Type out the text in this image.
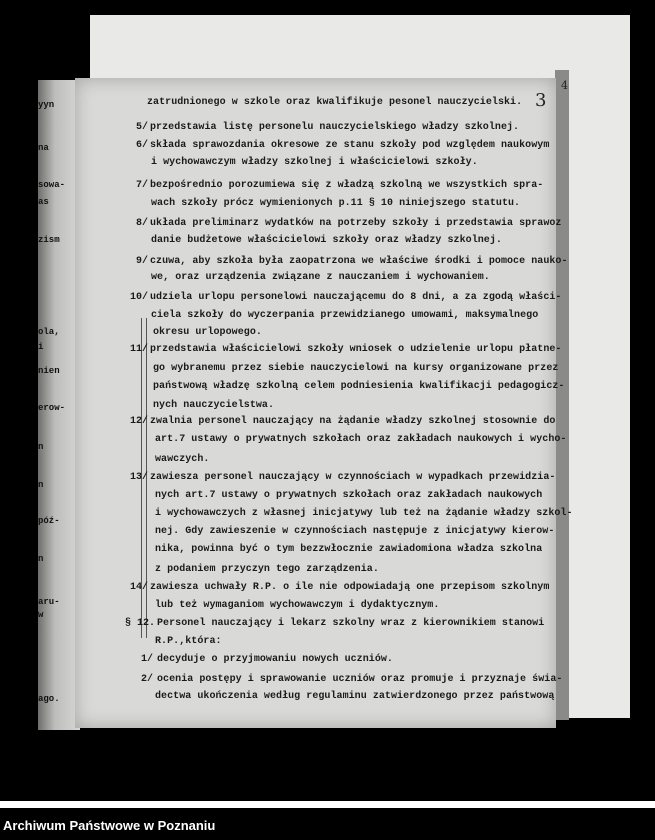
yyn
na
sowa-
as
zism
ola,
i
nien
erow-
n
n
póź-
n
aru-
w
ago.
3
4
zatrudnionego w szkole oraz kwalifikuje pesonel nauczycielski.
5/ przedstawia listę personelu nauczycielskiego władzy szkolnej.
6/ składa sprawozdania okresowe ze stanu szkoły pod względem naukowym
i wychowawczym władzy szkolnej i właścicielowi szkoły.
7/ bezpośrednio porozumiewa się z władzą szkolną we wszystkich spra-
wach szkoły prócz wymienionych p.11 § 10 niniejszego statutu.
8/ układa preliminarz wydatków na potrzeby szkoły i przedstawia sprawoz
danie budżetowe właścicielowi szkoły oraz władzy szkolnej.
9/ czuwa, aby szkoła była zaopatrzona we właściwe środki i pomoce nauko-
we, oraz urządzenia związane z nauczaniem i wychowaniem.
10/ udziela urlopu personelowi nauczającemu do 8 dni, a za zgodą właści-
ciela szkoły do wyczerpania przewidzianego umowami, maksymalnego
okresu urlopowego.
11/ przedstawia właścicielowi szkoły wniosek o udzielenie urlopu płatne-
go wybranemu przez siebie nauczycielowi na kursy organizowane przez
państwową władzę szkolną celem podniesienia kwalifikacji pedagogicz-
nych nauczycielstwa.
12/ zwalnia personel nauczający na żądanie władzy szkolnej stosownie do
art.7 ustawy o prywatnych szkołach oraz zakładach naukowych i wycho-
wawczych.
13/ zawiesza personel nauczający w czynnościach w wypadkach przewidzia-
nych art.7 ustawy o prywatnych szkołach oraz zakładach naukowych
i wychowawczych z własnej inicjatywy lub też na żądanie władzy szkol-
nej. Gdy zawieszenie w czynnościach następuje z inicjatywy kierow-
nika, powinna być o tym bezzwłocznie zawiadomiona władza szkolna
z podaniem przyczyn tego zarządzenia.
14/ zawiesza uchwały R.P. o ile nie odpowiadają one przepisom szkolnym
lub też wymaganiom wychowawczym i dydaktycznym.
§ 12. Personel nauczający i lekarz szkolny wraz z kierownikiem stanowi
R.P.,która:
1/ decyduje o przyjmowaniu nowych uczniów.
2/ ocenia postępy i sprawowanie uczniów oraz promuje i przyznaje świa-
dectwa ukończenia według regulaminu zatwierdzonego przez państwową
Archiwum Państwowe w Poznaniu
